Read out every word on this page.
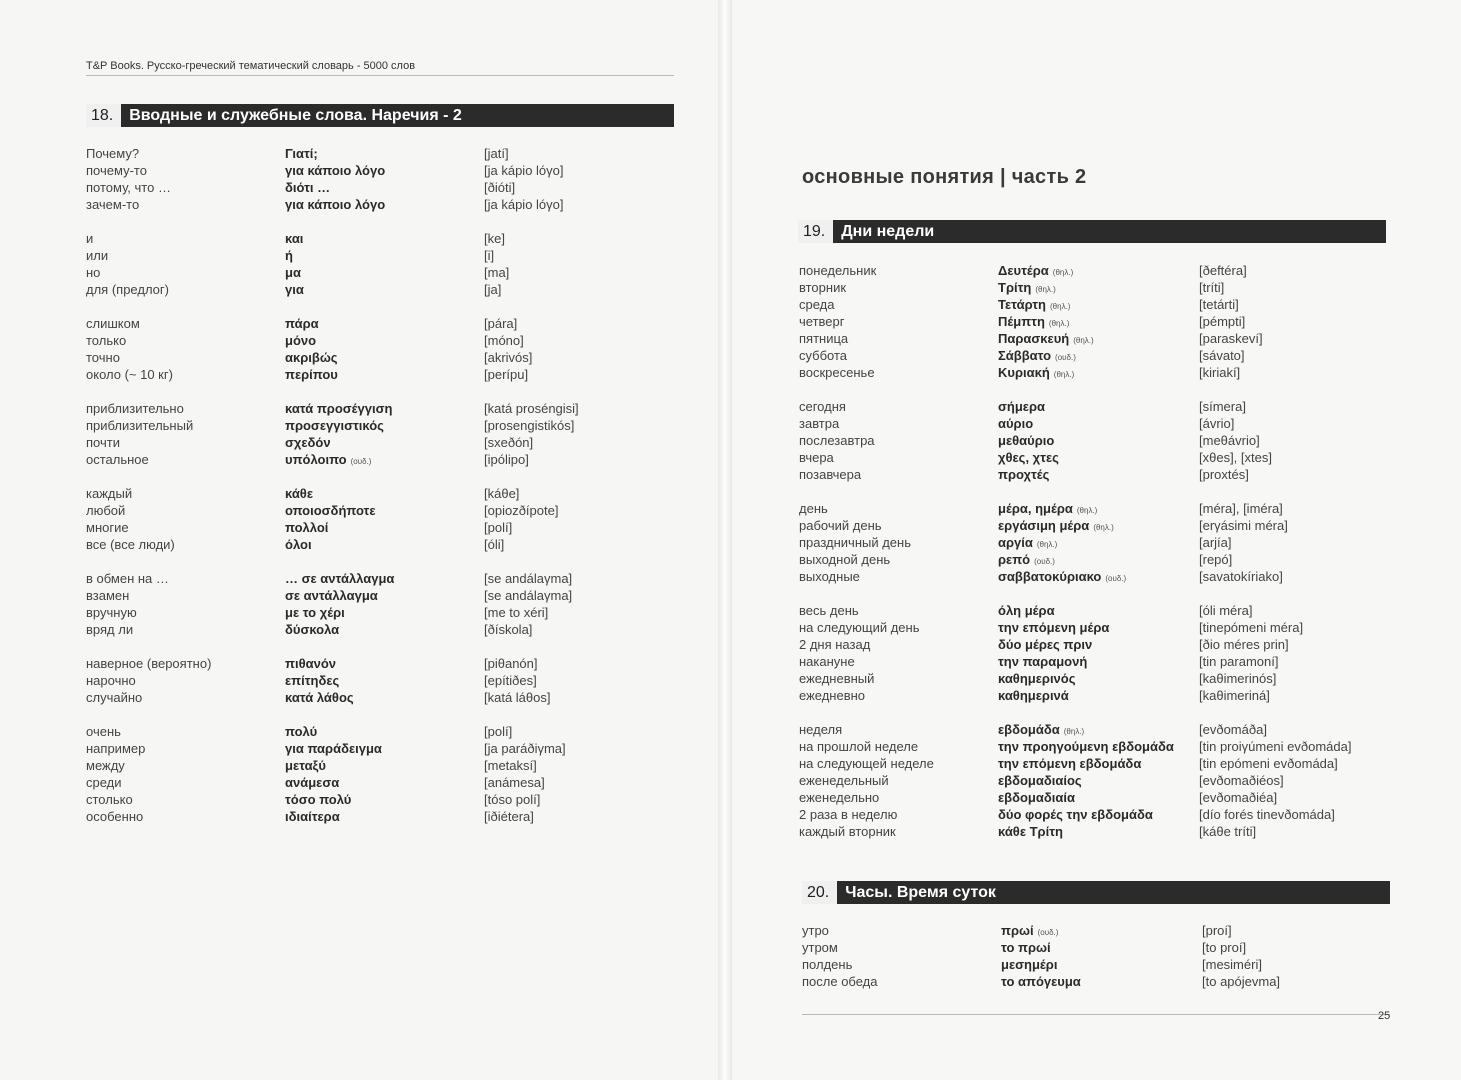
T&P Books. Русско-греческий тематический словарь - 5000 слов
18.	Вводные и служебные слова. Наречия - 2
Почему?	Γιατί;	[jatí]
почему-то	για κάποιο λόγο	[ja kápio lóγo]
потому, что …	διότι …	[ðióti]
зачем-то	για κάποιο λόγο	[ja kápio lóγo]
и	και	[ke]
или	ή	[i]
но	μα	[ma]
для (предлог)	για	[ja]
слишком	πάρα	[pára]
только	μόνο	[móno]
точно	ακριβώς	[akrivós]
около (~ 10 кг)	περίπου	[perípu]
приблизительно	κατά προσέγγιση	[katá proséngisi]
приблизительный	προσεγγιστικός	[prosengistikós]
почти	σχεδόν	[sxeðón]
остальное	υπόλοιπο (ουδ.)	[ipólipo]
каждый	κάθε	[káθe]
любой	οποιοσδήποτε	[opiozðípote]
многие	πολλοί	[polí]
все (все люди)	όλοι	[óli]
в обмен на …	… σε αντάλλαγμα	[se andálaγma]
взамен	σε αντάλλαγμα	[se andálaγma]
вручную	με το χέρι	[me to xéri]
вряд ли	δύσκολα	[ðískola]
наверное (вероятно)	πιθανόν	[piθanón]
нарочно	επίτηδες	[epítiðes]
случайно	κατά λάθος	[katá láθos]
очень	πολύ	[polí]
например	για παράδειγμα	[ja paráðiγma]
между	μεταξύ	[metaksí]
среди	ανάμεσα	[anámesa]
столько	τόσο πολύ	[tóso polí]
особенно	ιδιαίτερα	[iðiétera]
основные понятия | часть 2
19.	Дни недели
понедельник	Δευτέρα (θηλ.)	[ðeftéra]
вторник	Τρίτη (θηλ.)	[tríti]
среда	Τετάρτη (θηλ.)	[tetárti]
четверг	Πέμπτη (θηλ.)	[pémpti]
пятница	Παρασκευή (θηλ.)	[paraskeví]
суббота	Σάββατο (ουδ.)	[sávato]
воскресенье	Κυριακή (θηλ.)	[kiriakí]
сегодня	σήμερα	[símera]
завтра	αύριο	[ávrio]
послезавтра	μεθαύριο	[meθávrio]
вчера	χθες, χτες	[xθes], [xtes]
позавчера	προχτές	[proxtés]
день	μέρα, ημέρα (θηλ.)	[méra], [iméra]
рабочий день	εργάσιμη μέρα (θηλ.)	[erγásimi méra]
праздничный день	αργία (θηλ.)	[arjía]
выходной день	ρεπό (ουδ.)	[repó]
выходные	σαββατοκύριακο (ουδ.)	[savatokíriako]
весь день	όλη μέρα	[óli méra]
на следующий день	την επόμενη μέρα	[tinepómeni méra]
2 дня назад	δύο μέρες πριν	[ðio méres prin]
накануне	την παραμονή	[tin paramoní]
ежедневный	καθημερινός	[kaθimerinós]
ежедневно	καθημερινά	[kaθimeriná]
неделя	εβδομάδα (θηλ.)	[evðomáða]
на прошлой неделе	την προηγούμενη εβδομάδα	[tin proiγúmeni evðomáda]
на следующей неделе	την επόμενη εβδομάδα	[tin epómeni evðomáda]
еженедельный	εβδομαδιαίος	[evðomaðiéos]
еженедельно	εβδομαδιαία	[evðomaðiéa]
2 раза в неделю	δύο φορές την εβδομάδα	[dío forés tinevðomáda]
каждый вторник	κάθε Τρίτη	[káθe tríti]
20.	Часы. Время суток
утро	πρωί (ουδ.)	[proí]
утром	το πρωί	[to proí]
полдень	μεσημέρι	[mesiméri]
после обеда	το απόγευμα	[to apójevma]
25
